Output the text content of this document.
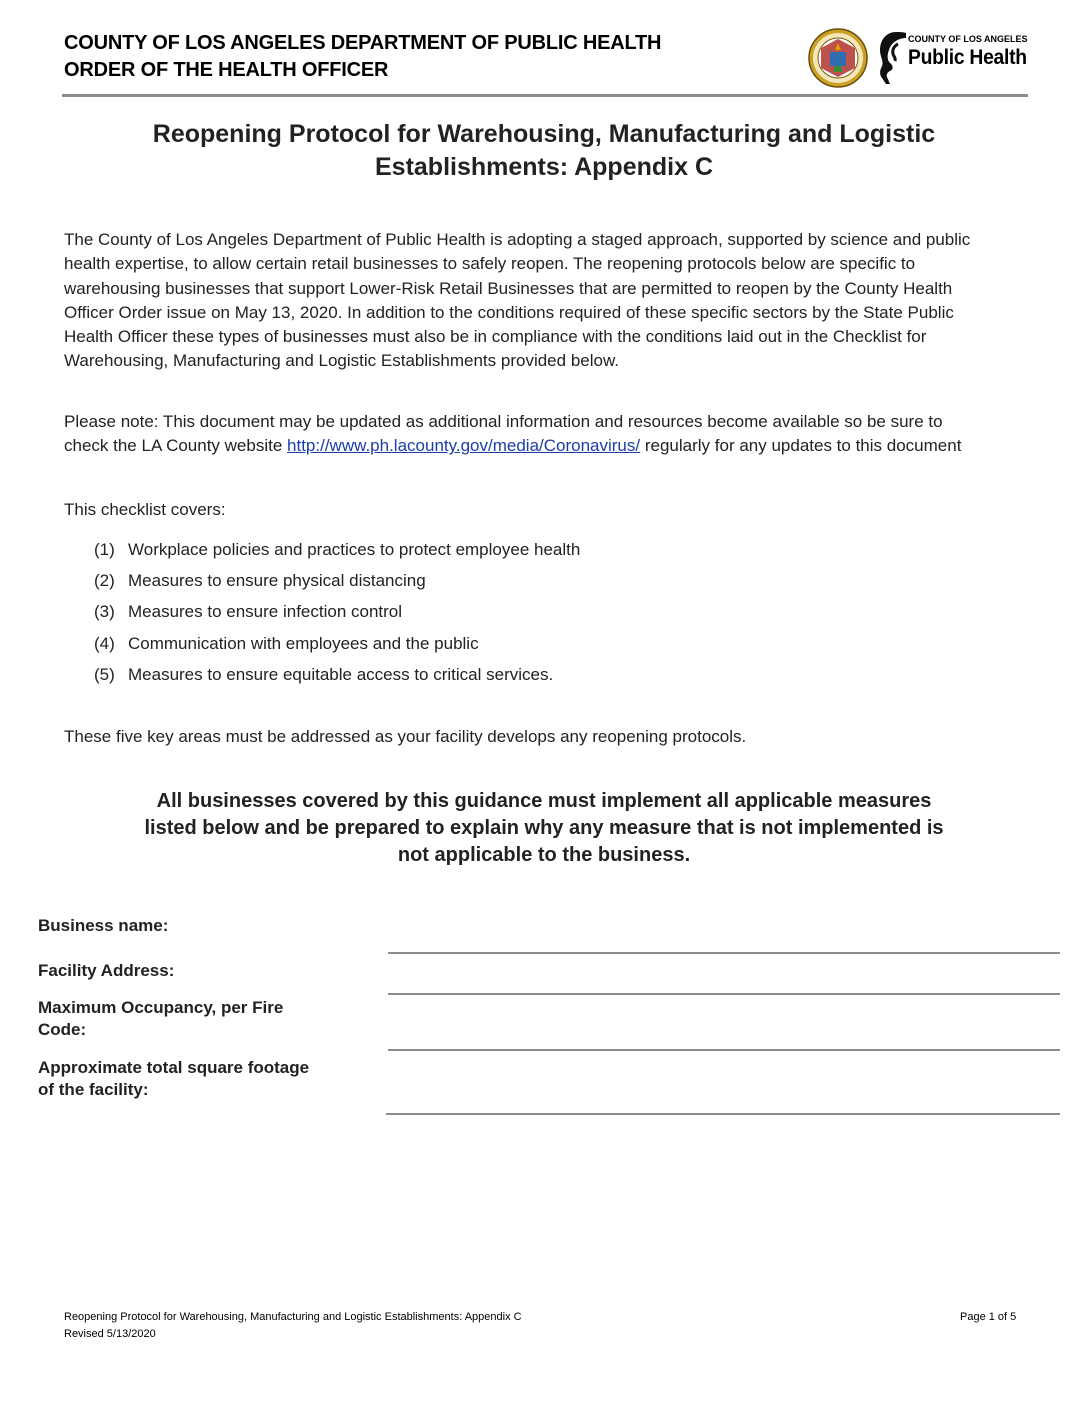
COUNTY OF LOS ANGELES DEPARTMENT OF PUBLIC HEALTH
ORDER OF THE HEALTH OFFICER
COUNTY OF LOS ANGELES
Public Health
Reopening Protocol for Warehousing, Manufacturing and Logistic
Establishments: Appendix C
The County of Los Angeles Department of Public Health is adopting a staged approach, supported by science and public health expertise, to allow certain retail businesses to safely reopen. The reopening protocols below are specific to warehousing businesses that support Lower-Risk Retail Businesses that are permitted to reopen by the County Health Officer Order issue on May 13, 2020. In addition to the conditions required of these specific sectors by the State Public Health Officer these types of businesses must also be in compliance with the conditions laid out in the Checklist for Warehousing, Manufacturing and Logistic Establishments provided below.
Please note: This document may be updated as additional information and resources become available so be sure to check the LA County website http://www.ph.lacounty.gov/media/Coronavirus/ regularly for any updates to this document
This checklist covers:
(1) Workplace policies and practices to protect employee health
(2) Measures to ensure physical distancing
(3) Measures to ensure infection control
(4) Communication with employees and the public
(5) Measures to ensure equitable access to critical services.
These five key areas must be addressed as your facility develops any reopening protocols.
All businesses covered by this guidance must implement all applicable measures
listed below and be prepared to explain why any measure that is not implemented is
not applicable to the business.
Business name:
Facility Address:
Maximum Occupancy, per Fire
Code:
Approximate total square footage
of the facility:
Reopening Protocol for Warehousing, Manufacturing and Logistic Establishments: Appendix C
Revised 5/13/2020
Page 1 of 5
